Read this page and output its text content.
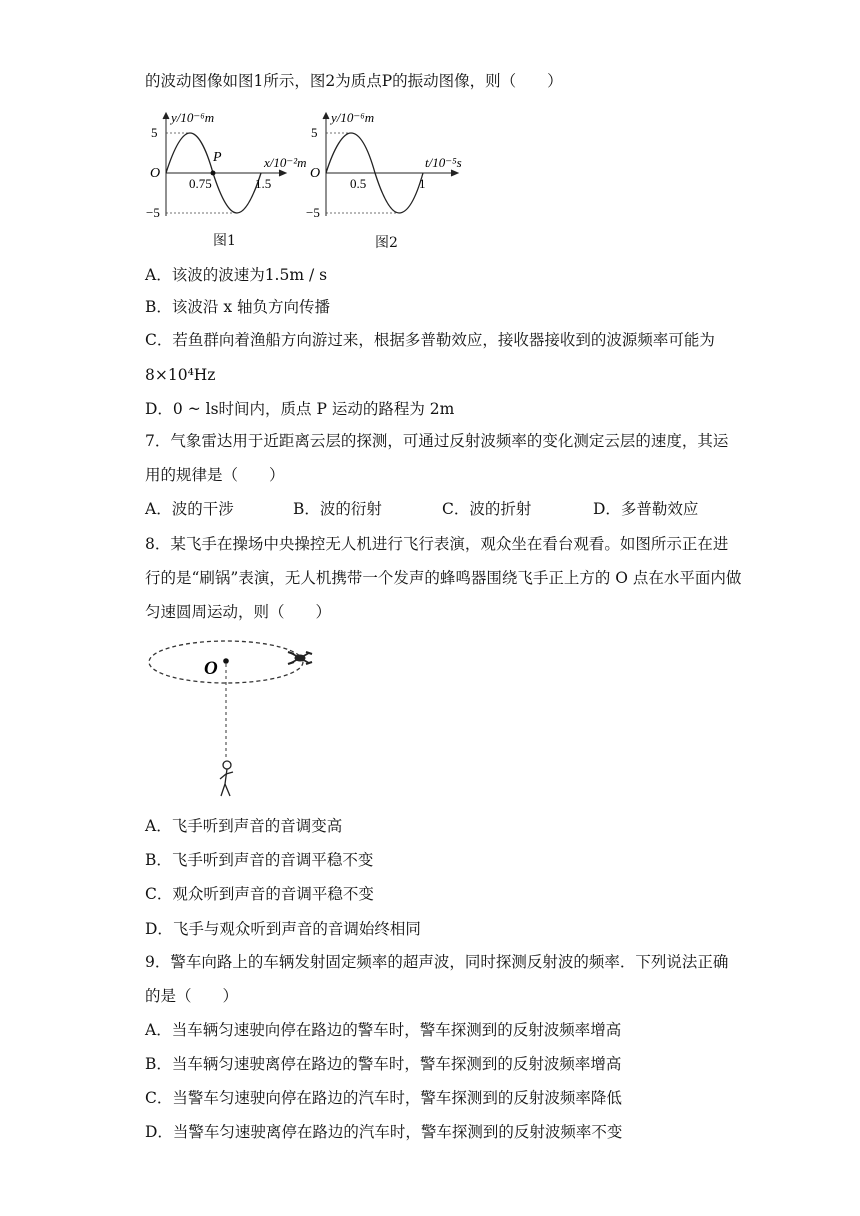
的波动图像如图1所示，图2为质点P的振动图像，则（　　）
y/10⁻⁶m
x/10⁻²m
O
5
−5
P
0.75	1.5
图1
y/10⁻⁶m
t/10⁻⁵s
O
5
−5
0.5	1
图2
A．该波的波速为1.5m / s
B．该波沿 x 轴负方向传播
C．若鱼群向着渔船方向游过来，根据多普勒效应，接收器接收到的波源频率可能为
8×10⁴Hz
D．0 ~ ls时间内，质点 P 运动的路程为 2m
7．气象雷达用于近距离云层的探测，可通过反射波频率的变化测定云层的速度，其运
用的规律是（　　）
A．波的干涉	B．波的衍射	C．波的折射	D．多普勒效应
8．某飞手在操场中央操控无人机进行飞行表演，观众坐在看台观看。如图所示正在进
行的是“刷锅”表演，无人机携带一个发声的蜂鸣器围绕飞手正上方的 O 点在水平面内做
匀速圆周运动，则（　　）
O
A．飞手听到声音的音调变高
B．飞手听到声音的音调平稳不变
C．观众听到声音的音调平稳不变
D．飞手与观众听到声音的音调始终相同
9．警车向路上的车辆发射固定频率的超声波，同时探测反射波的频率．下列说法正确
的是（　　）
A．当车辆匀速驶向停在路边的警车时，警车探测到的反射波频率增高
B．当车辆匀速驶离停在路边的警车时，警车探测到的反射波频率增高
C．当警车匀速驶向停在路边的汽车时，警车探测到的反射波频率降低
D．当警车匀速驶离停在路边的汽车时，警车探测到的反射波频率不变
